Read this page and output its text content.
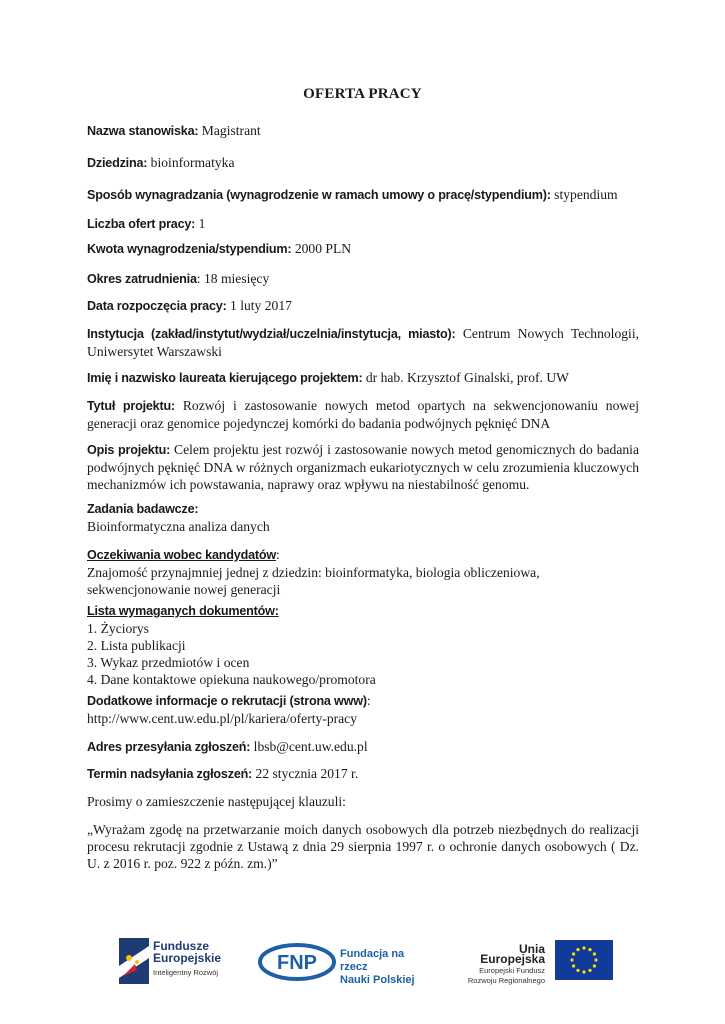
OFERTA PRACY
Nazwa stanowiska: Magistrant
Dziedzina: bioinformatyka
Sposób wynagradzania (wynagrodzenie w ramach umowy o pracę/stypendium): stypendium
Liczba ofert pracy: 1
Kwota wynagrodzenia/stypendium: 2000 PLN
Okres zatrudnienia: 18 miesięcy
Data rozpoczęcia pracy: 1 luty 2017
Instytucja (zakład/instytut/wydział/uczelnia/instytucja, miasto): Centrum Nowych Technologii, Uniwersytet Warszawski
Imię i nazwisko laureata kierującego projektem: dr hab. Krzysztof Ginalski, prof. UW
Tytuł projektu: Rozwój i zastosowanie nowych metod opartych na sekwencjonowaniu nowej generacji oraz genomice pojedynczej komórki do badania podwójnych pęknięć DNA
Opis projektu: Celem projektu jest rozwój i zastosowanie nowych metod genomicznych do badania podwójnych pęknięć DNA w różnych organizmach eukariotycznych w celu zrozumienia kluczowych mechanizmów ich powstawania, naprawy oraz wpływu na niestabilność genomu.
Zadania badawcze:
Bioinformatyczna analiza danych
Oczekiwania wobec kandydatów:
Znajomość przynajmniej jednej z dziedzin: bioinformatyka, biologia obliczeniowa, sekwencjonowanie nowej generacji
Lista wymaganych dokumentów:
1. Życiorys
2. Lista publikacji
3. Wykaz przedmiotów i ocen
4. Dane kontaktowe opiekuna naukowego/promotora
Dodatkowe informacje o rekrutacji (strona www):
http://www.cent.uw.edu.pl/pl/kariera/oferty-pracy
Adres przesyłania zgłoszeń: lbsb@cent.uw.edu.pl
Termin nadsyłania zgłoszeń: 22 stycznia 2017 r.
Prosimy o zamieszczenie następującej klauzuli:
„Wyrażam zgodę na przetwarzanie moich danych osobowych dla potrzeb niezbędnych do realizacji procesu rekrutacji zgodnie z Ustawą z dnia 29 sierpnia 1997 r. o ochronie danych osobowych ( Dz. U. z 2016 r. poz. 922 z późn. zm.)”
Fundusze
Europejskie
Inteligentny Rozwój	FNP Fundacja na rzecz
Nauki Polskiej
Unia Europejska
Europejski Fundusz
Rozwoju Regionalnego
